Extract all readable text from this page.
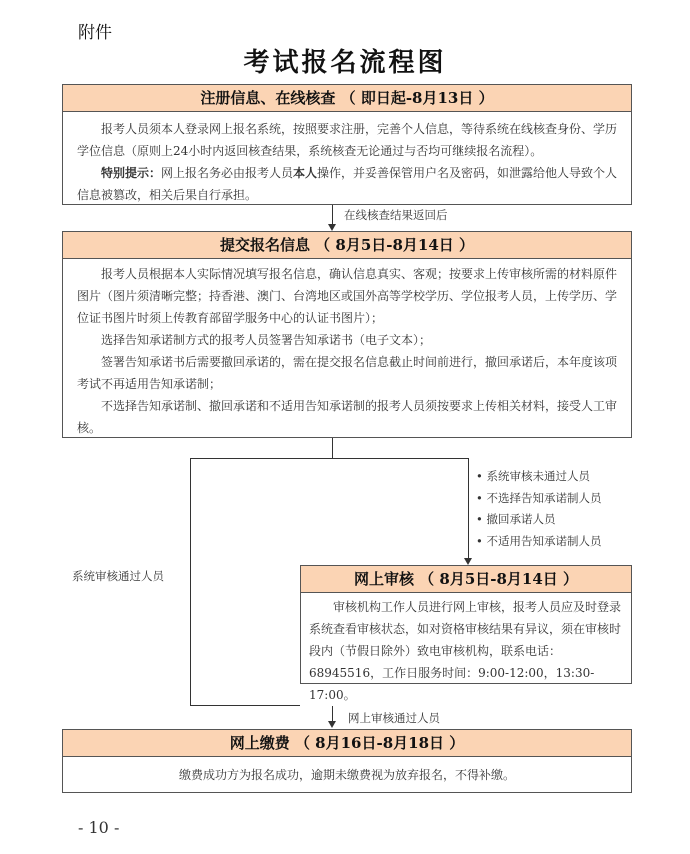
附件
考试报名流程图
注册信息、在线核查 （ 即日起-8月13日 ）

报考人员须本人登录网上报名系统，按照要求注册，完善个人信息，等待系统在线核查身份、学历学位信息（原则上24小时内返回核查结果，系统核查无论通过与否均可继续报名流程）。

特别提示：网上报名务必由报考人员本人操作，并妥善保管用户名及密码，如泄露给他人导致个人信息被篡改，相关后果自行承担。

在线核查结果返回后
提交报名信息 （ 8月5日-8月14日 ）

报考人员根据本人实际情况填写报名信息，确认信息真实、客观；按要求上传审核所需的材料原件图片（图片须清晰完整；持香港、澳门、台湾地区或国外高等学校学历、学位报考人员，上传学历、学位证书图片时须上传教育部留学服务中心的认证书图片）；

选择告知承诺制方式的报考人员签署告知承诺书（电子文本）；

签署告知承诺书后需要撤回承诺的，需在提交报名信息截止时间前进行，撤回承诺后，本年度该项考试不再适用告知承诺制；

不选择告知承诺制、撤回承诺和不适用告知承诺制的报考人员须按要求上传相关材料，接受人工审核。

系统审核通过人员
• 系统审核未通过人员
• 不选择告知承诺制人员
• 撤回承诺人员
• 不适用告知承诺制人员
网上审核 （ 8月5日-8月14日 ）

审核机构工作人员进行网上审核，报考人员应及时登录系统查看审核状态，如对资格审核结果有异议，须在审核时段内（节假日除外）致电审核机构，联系电话：68945516，工作日服务时间：9:00-12:00，13:30-17:00。

网上审核通过人员
网上缴费 （ 8月16日-8月18日 ）
缴费成功方为报名成功，逾期未缴费视为放弃报名，不得补缴。
- 10 -
